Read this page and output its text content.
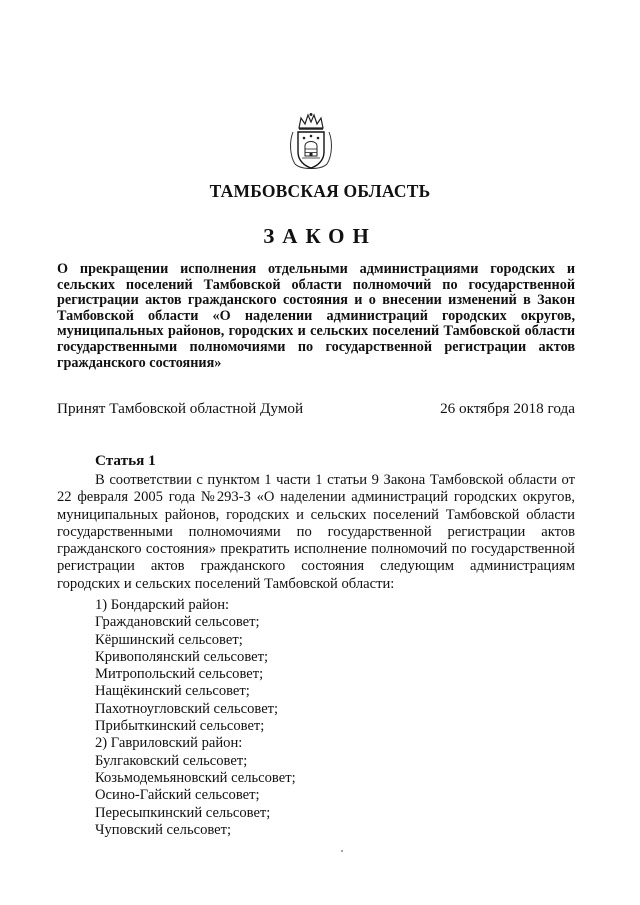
ТАМБОВСКАЯ ОБЛАСТЬ
ЗАКОН
О прекращении исполнения отдельными администрациями городских и сельских поселений Тамбовской области полномочий по государственной регистрации актов гражданского состояния и о внесении изменений в Закон Тамбовской области «О наделении администраций городских округов, муниципальных районов, городских и сельских поселений Тамбовской области государственными полномочиями по государственной регистрации актов гражданского состояния»
Принят Тамбовской областной Думой	26 октября 2018 года
Статья 1
В соответствии с пунктом 1 части 1 статьи 9 Закона Тамбовской области от 22 февраля 2005 года №293-З «О наделении администраций городских округов, муниципальных районов, городских и сельских поселений Тамбовской области государственными полномочиями по государственной регистрации актов гражданского состояния» прекратить исполнение полномочий по государственной регистрации актов гражданского состояния следующим администрациям городских и сельских поселений Тамбовской области:
1) Бондарский район:
Граждановский сельсовет;
Кёршинский сельсовет;
Кривополянский сельсовет;
Митропольский сельсовет;
Нащёкинский сельсовет;
Пахотноугловский сельсовет;
Прибыткинский сельсовет;
2) Гавриловский район:
Булгаковский сельсовет;
Козьмодемьяновский сельсовет;
Осино-Гайский сельсовет;
Пересыпкинский сельсовет;
Чуповский сельсовет;
